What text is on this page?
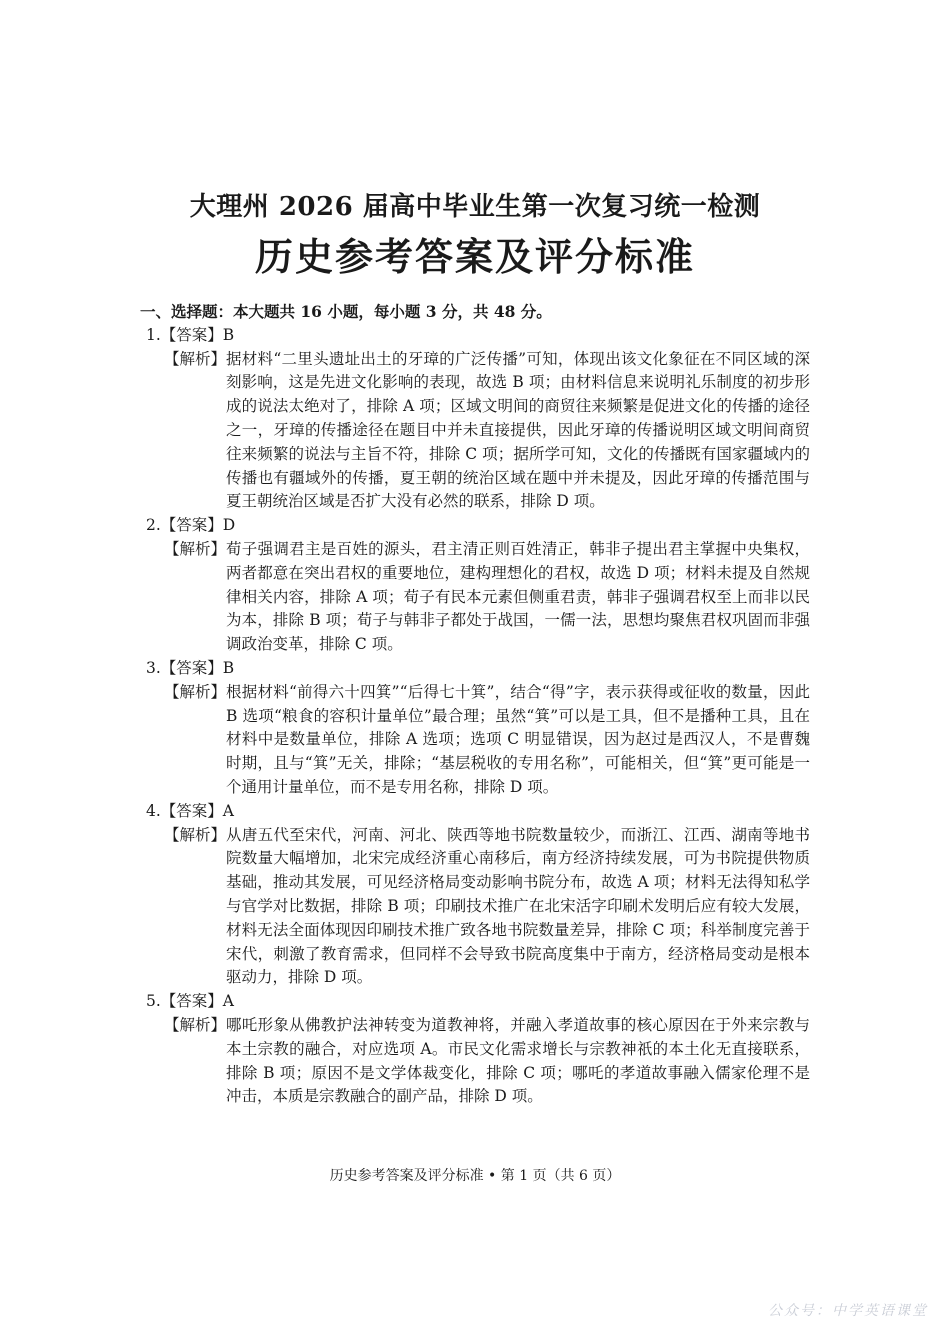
大理州 2026 届高中毕业生第一次复习统一检测
历史参考答案及评分标准

一、选择题：本大题共 16 小题，每小题 3 分，共 48 分。

1.【答案】B

【解析】 据材料“二里头遗址出土的牙璋的广泛传播”可知，体现出该文化象征在不同区域的深刻影响，这是先进文化影响的表现，故选 B 项；由材料信息来说明礼乐制度的初步形成的说法太绝对了，排除 A 项；区域文明间的商贸往来频繁是促进文化的传播的途径之一，牙璋的传播途径在题目中并未直接提供，因此牙璋的传播说明区域文明间商贸往来频繁的说法与主旨不符，排除 C 项；据所学可知，文化的传播既有国家疆域内的传播也有疆域外的传播，夏王朝的统治区域在题中并未提及，因此牙璋的传播范围与夏王朝统治区域是否扩大没有必然的联系，排除 D 项。

2.【答案】D

【解析】 荀子强调君主是百姓的源头，君主清正则百姓清正，韩非子提出君主掌握中央集权，两者都意在突出君权的重要地位，建构理想化的君权，故选 D 项；材料未提及自然规律相关内容，排除 A 项；荀子有民本元素但侧重君责，韩非子强调君权至上而非以民为本，排除 B 项；荀子与韩非子都处于战国，一儒一法，思想均聚焦君权巩固而非强调政治变革，排除 C 项。

3.【答案】B

【解析】 根据材料“前得六十四箕”“后得七十箕”，结合“得”字，表示获得或征收的数量，因此 B 选项“粮食的容积计量单位”最合理；虽然“箕”可以是工具，但不是播种工具，且在材料中是数量单位，排除 A 选项；选项 C 明显错误，因为赵过是西汉人，不是曹魏时期，且与“箕”无关，排除；“基层税收的专用名称”，可能相关，但“箕”更可能是一个通用计量单位，而不是专用名称，排除 D 项。

4.【答案】A

【解析】 从唐五代至宋代，河南、河北、陕西等地书院数量较少，而浙江、江西、湖南等地书院数量大幅增加，北宋完成经济重心南移后，南方经济持续发展，可为书院提供物质基础，推动其发展，可见经济格局变动影响书院分布，故选 A 项；材料无法得知私学与官学对比数据，排除 B 项；印刷技术推广在北宋活字印刷术发明后应有较大发展，材料无法全面体现因印刷技术推广致各地书院数量差异，排除 C 项；科举制度完善于宋代，刺激了教育需求，但同样不会导致书院高度集中于南方，经济格局变动是根本驱动力，排除 D 项。

5.【答案】A

【解析】 哪吒形象从佛教护法神转变为道教神将，并融入孝道故事的核心原因在于外来宗教与本土宗教的融合，对应选项 A。市民文化需求增长与宗教神祇的本土化无直接联系，排除 B 项；原因不是文学体裁变化，排除 C 项；哪吒的孝道故事融入儒家伦理不是冲击，本质是宗教融合的副产品，排除 D 项。
历史参考答案及评分标准 • 第 1 页（共 6 页）
公众号：中学英语课堂
